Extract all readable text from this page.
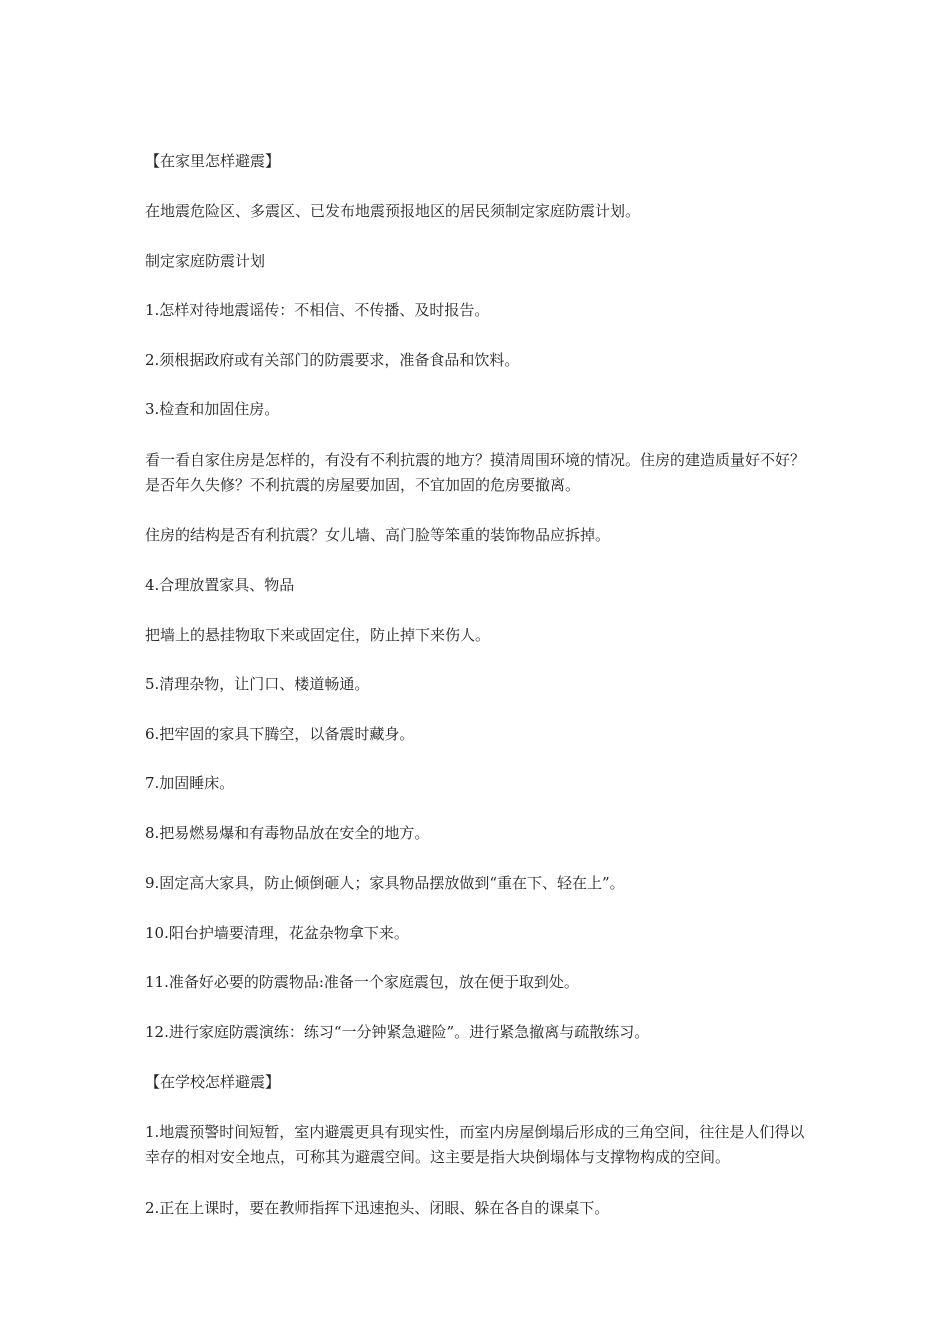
【在家里怎样避震】
在地震危险区、多震区、已发布地震预报地区的居民须制定家庭防震计划。
制定家庭防震计划
1.怎样对待地震谣传：不相信、不传播、及时报告。
2.须根据政府或有关部门的防震要求，准备食品和饮料。
3.检查和加固住房。
看一看自家住房是怎样的，有没有不利抗震的地方？摸清周围环境的情况。住房的建造质量好不好？是否年久失修？不利抗震的房屋要加固，不宜加固的危房要撤离。
住房的结构是否有利抗震？女儿墙、高门脸等笨重的装饰物品应拆掉。
4.合理放置家具、物品
把墙上的悬挂物取下来或固定住，防止掉下来伤人。
5.清理杂物，让门口、楼道畅通。
6.把牢固的家具下腾空，以备震时藏身。
7.加固睡床。
8.把易燃易爆和有毒物品放在安全的地方。
9.固定高大家具，防止倾倒砸人；家具物品摆放做到“重在下、轻在上”。
10.阳台护墙要清理，花盆杂物拿下来。
11.准备好必要的防震物品:准备一个家庭震包，放在便于取到处。
12.进行家庭防震演练：练习“一分钟紧急避险”。进行紧急撤离与疏散练习。
【在学校怎样避震】
1.地震预警时间短暂，室内避震更具有现实性，而室内房屋倒塌后形成的三角空间，往往是人们得以幸存的相对安全地点，可称其为避震空间。这主要是指大块倒塌体与支撑物构成的空间。
2.正在上课时，要在教师指挥下迅速抱头、闭眼、躲在各自的课桌下。
